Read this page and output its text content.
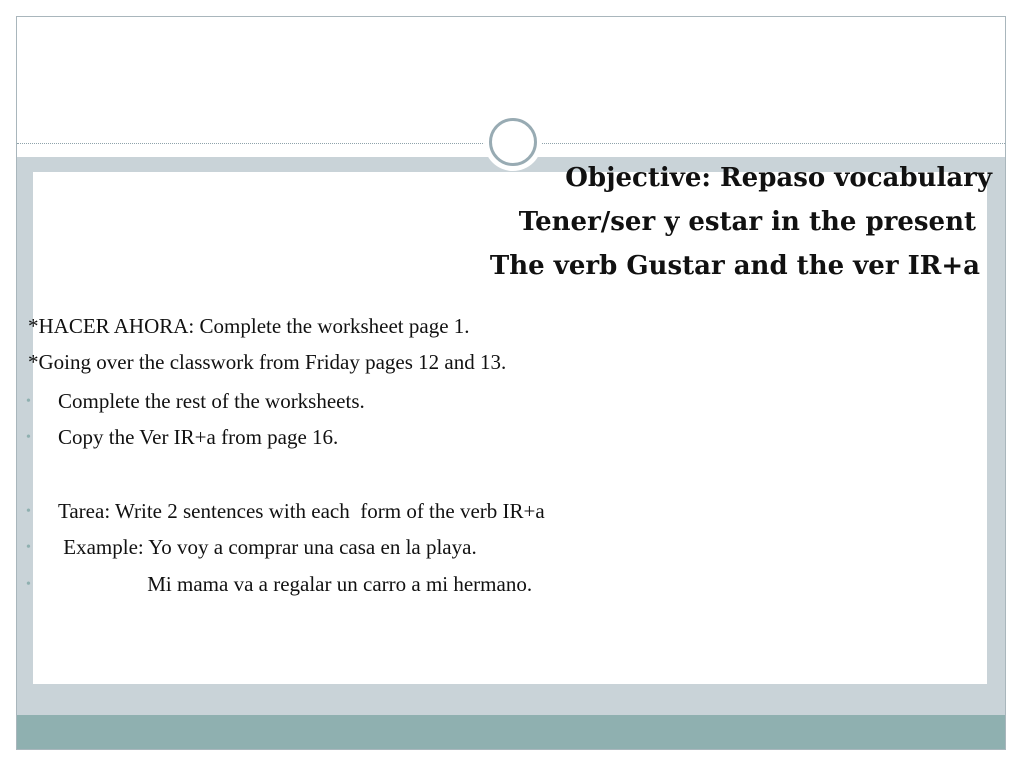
Objective: Repaso vocabulary
Tener/ser y estar in the present
The verb Gustar and the ver IR+a
*HACER AHORA: Complete the worksheet page 1.
*Going over the classwork from Friday pages 12 and 13.
• Complete the rest of the worksheets.
• Copy the Ver IR+a from page 16.
• Tarea: Write 2 sentences with each  form of the verb IR+a
• Example: Yo voy a comprar una casa en la playa.
•                 Mi mama va a regalar un carro a mi hermano.
